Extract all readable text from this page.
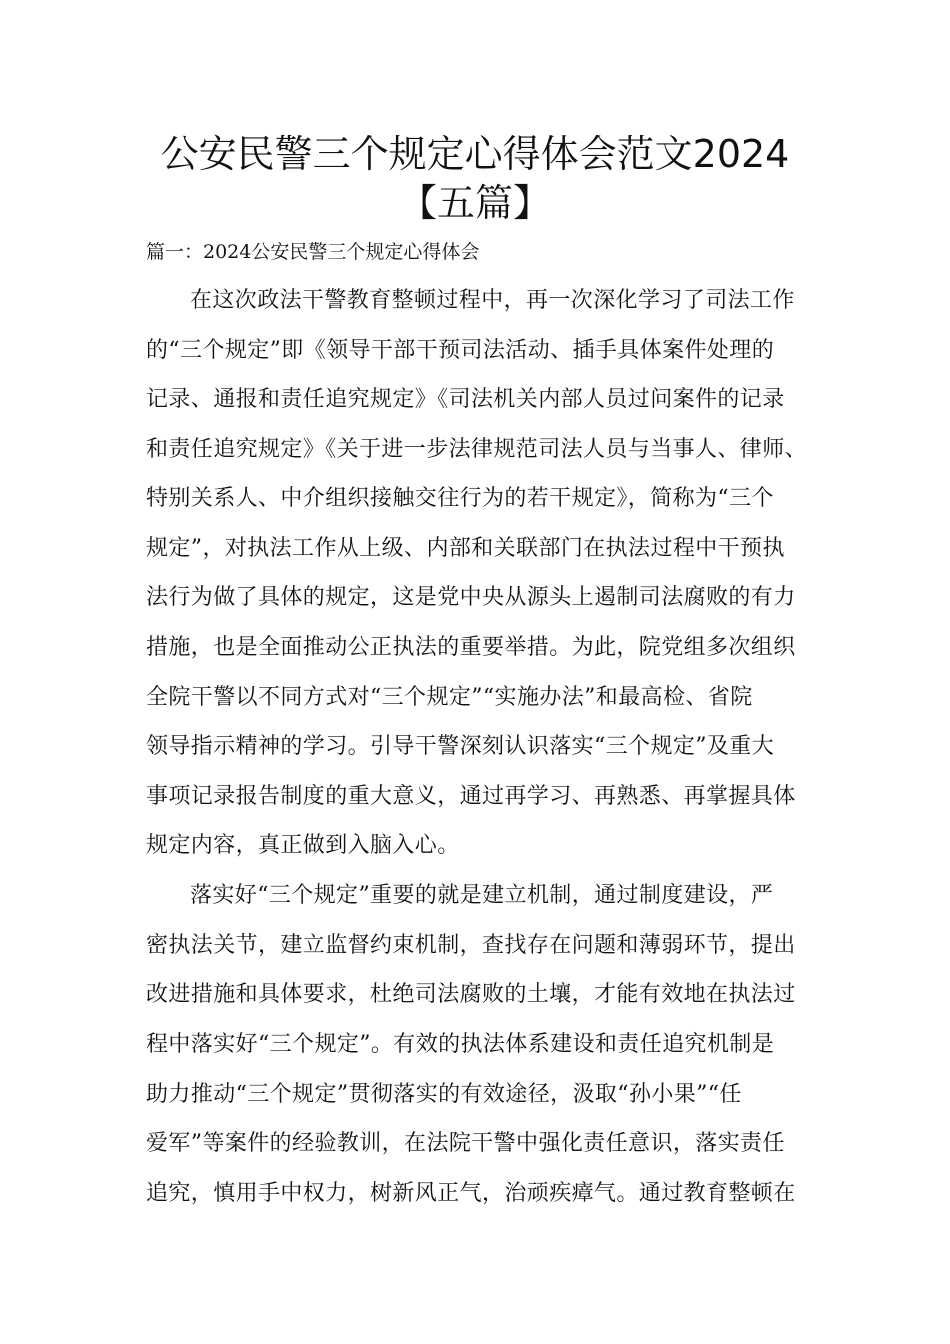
公安民警三个规定心得体会范文2024
【五篇】
篇一：2024公安民警三个规定心得体会
在这次政法干警教育整顿过程中，再一次深化学习了司法工作
的“三个规定”即《领导干部干预司法活动、插手具体案件处理的
记录、通报和责任追究规定》《司法机关内部人员过问案件的记录
和责任追究规定》《关于进一步法律规范司法人员与当事人、律师、
特别关系人、中介组织接触交往行为的若干规定》，简称为“三个
规定”，对执法工作从上级、内部和关联部门在执法过程中干预执
法行为做了具体的规定，这是党中央从源头上遏制司法腐败的有力
措施，也是全面推动公正执法的重要举措。为此，院党组多次组织
全院干警以不同方式对“三个规定”“实施办法”和最高检、省院
领导指示精神的学习。引导干警深刻认识落实“三个规定”及重大
事项记录报告制度的重大意义，通过再学习、再熟悉、再掌握具体
规定内容，真正做到入脑入心。
落实好“三个规定”重要的就是建立机制，通过制度建设，严
密执法关节，建立监督约束机制，查找存在问题和薄弱环节，提出
改进措施和具体要求，杜绝司法腐败的土壤，才能有效地在执法过
程中落实好“三个规定”。有效的执法体系建设和责任追究机制是
助力推动“三个规定”贯彻落实的有效途径，汲取“孙小果”“任
爱军”等案件的经验教训，在法院干警中强化责任意识，落实责任
追究，慎用手中权力，树新风正气，治顽疾瘴气。通过教育整顿在
